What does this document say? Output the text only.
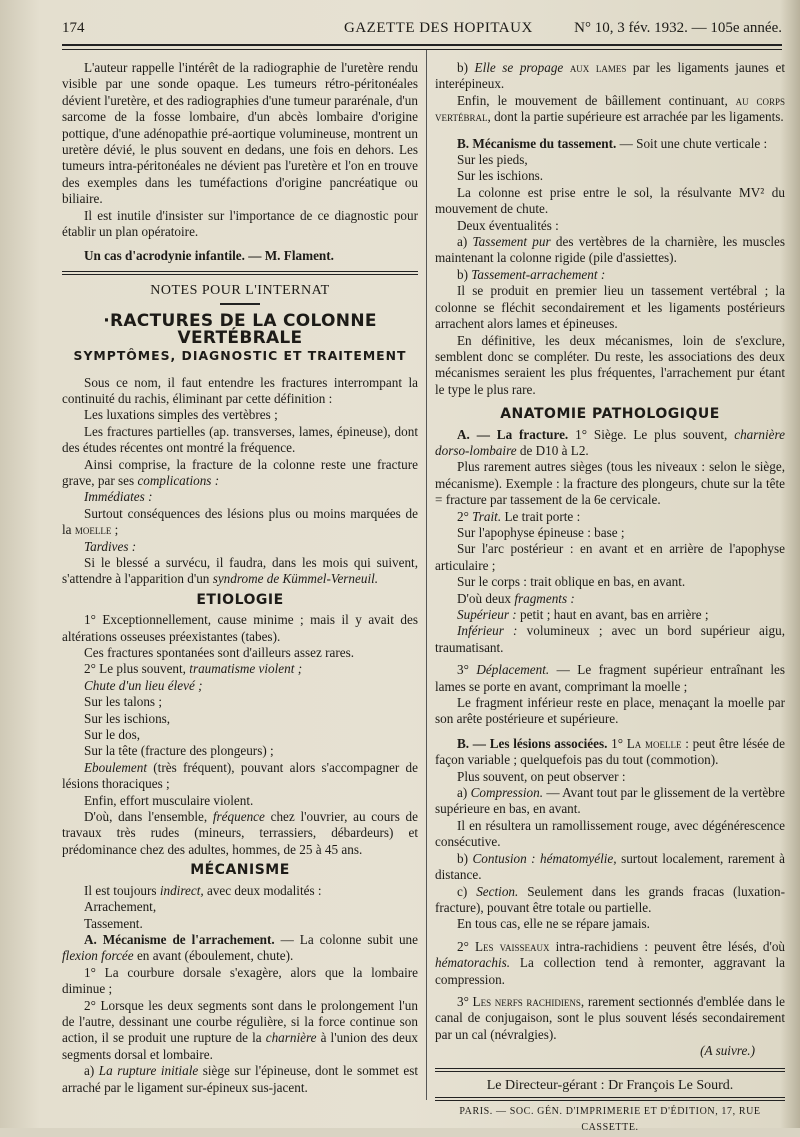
174	GAZETTE DES HOPITAUX	N° 10, 3 fév. 1932. — 105e année.

L'auteur rappelle l'intérêt de la radiographie de l'uretère rendu visible par une sonde opaque. Les tumeurs rétro-péritonéales dévient l'uretère, et des radiographies d'une tumeur pararénale, d'un sarcome de la fosse lombaire, d'un abcès lombaire d'origine pottique, d'une adénopathie pré-aortique volumineuse, montrent un uretère dévié, le plus souvent en dedans, une fois en dehors. Les tumeurs intra-péritonéales ne dévient pas l'uretère et l'on en trouve des exemples dans les tuméfactions d'origine pancréatique ou biliaire.

Il est inutile d'insister sur l'importance de ce diagnostic pour établir un plan opératoire.

Un cas d'acrodynie infantile. — M. Flament.

NOTES POUR L'INTERNAT
·RACTURES DE LA COLONNE VERTÉBRALE
SYMPTÔMES, DIAGNOSTIC ET TRAITEMENT

Sous ce nom, il faut entendre les fractures interrompant la continuité du rachis, éliminant par cette définition :

Les luxations simples des vertèbres ;

Les fractures partielles (ap. transverses, lames, épineuse), dont des études récentes ont montré la fréquence.

Ainsi comprise, la fracture de la colonne reste une fracture grave, par ses complications :

Immédiates :

Surtout conséquences des lésions plus ou moins marquées de la moelle ;

Tardives :

Si le blessé a survécu, il faudra, dans les mois qui suivent, s'attendre à l'apparition d'un syndrome de Kümmel-Verneuil.

ETIOLOGIE

1° Exceptionnellement, cause minime ; mais il y avait des altérations osseuses préexistantes (tabes).

Ces fractures spontanées sont d'ailleurs assez rares.

2° Le plus souvent, traumatisme violent ;

Chute d'un lieu élevé ;

Sur les talons ;

Sur les ischions,

Sur le dos,

Sur la tête (fracture des plongeurs) ;

Eboulement (très fréquent), pouvant alors s'accompagner de lésions thoraciques ;

Enfin, effort musculaire violent.

D'où, dans l'ensemble, fréquence chez l'ouvrier, au cours de travaux très rudes (mineurs, terrassiers, débardeurs) et prédominance chez des adultes, hommes, de 25 à 45 ans.

MÉCANISME

Il est toujours indirect, avec deux modalités :

Arrachement,

Tassement.

A. Mécanisme de l'arrachement. — La colonne subit une flexion forcée en avant (éboulement, chute).

1° La courbure dorsale s'exagère, alors que la lombaire diminue ;

2° Lorsque les deux segments sont dans le prolongement l'un de l'autre, dessinant une courbe régulière, si la force continue son action, il se produit une rupture de la charnière à l'union des deux segments dorsal et lombaire.

a) La rupture initiale siège sur l'épineuse, dont le sommet est arraché par le ligament sur-épineux sus-jacent.

b) Elle se propage aux lames par les ligaments jaunes et interépineux.

Enfin, le mouvement de bâillement continuant, au corps vertébral, dont la partie supérieure est arrachée par les ligaments.

B. Mécanisme du tassement. — Soit une chute verticale :

Sur les pieds,

Sur les ischions.

La colonne est prise entre le sol, la résulvante MV² du mouvement de chute.

Deux éventualités :

a) Tassement pur des vertèbres de la charnière, les muscles maintenant la colonne rigide (pile d'assiettes).

b) Tassement-arrachement :

Il se produit en premier lieu un tassement vertébral ; la colonne se fléchit secondairement et les ligaments postérieurs arrachent alors lames et épineuses.

En définitive, les deux mécanismes, loin de s'exclure, semblent donc se compléter. Du reste, les associations des deux mécanismes seraient les plus fréquentes, l'arrachement pur étant le type le plus rare.

ANATOMIE PATHOLOGIQUE

A. — La fracture. 1° Siège. Le plus souvent, charnière dorso-lombaire de D10 à L2.

Plus rarement autres sièges (tous les niveaux : selon le siège, mécanisme). Exemple : la fracture des plongeurs, chute sur la tête = fracture par tassement de la 6e cervicale.

2° Trait. Le trait porte :

Sur l'apophyse épineuse : base ;

Sur l'arc postérieur : en avant et en arrière de l'apophyse articulaire ;

Sur le corps : trait oblique en bas, en avant.

D'où deux fragments :

Supérieur : petit ; haut en avant, bas en arrière ;

Inférieur : volumineux ; avec un bord supérieur aigu, traumatisant.

3° Déplacement. — Le fragment supérieur entraînant les lames se porte en avant, comprimant la moelle ;

Le fragment inférieur reste en place, menaçant la moelle par son arête postérieure et supérieure.

B. — Les lésions associées. 1° La moelle : peut être lésée de façon variable ; quelquefois pas du tout (commotion).

Plus souvent, on peut observer :

a) Compression. — Avant tout par le glissement de la vertèbre supérieure en bas, en avant.

Il en résultera un ramollissement rouge, avec dégénérescence consécutive.

b) Contusion : hématomyélie, surtout localement, rarement à distance.

c) Section. Seulement dans les grands fracas (luxation-fracture), pouvant être totale ou partielle.

En tous cas, elle ne se répare jamais.

2° Les vaisseaux intra-rachidiens : peuvent être lésés, d'où hématorachis. La collection tend à remonter, aggravant la compression.

3° Les nerfs rachidiens, rarement sectionnés d'emblée dans le canal de conjugaison, sont le plus souvent lésés secondairement par un cal (névralgies).

(A suivre.)

Le Directeur-gérant : Dr François Le Sourd.

PARIS. — SOC. GÉN. D'IMPRIMERIE ET D'ÉDITION, 17, RUE CASSETTE.
